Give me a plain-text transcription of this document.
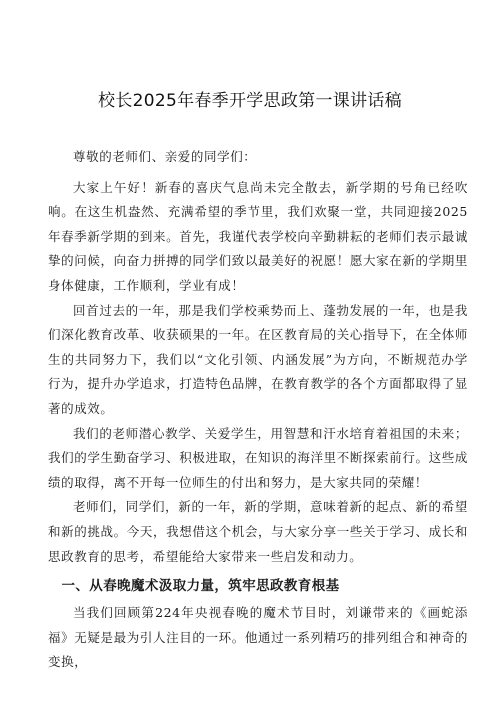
校长2025年春季开学思政第一课讲话稿

尊敬的老师们、亲爱的同学们：

大家上午好！新春的喜庆气息尚未完全散去，新学期的号角已经吹响。在这生机盎然、充满希望的季节里，我们欢聚一堂，共同迎接2025年春季新学期的到来。首先，我谨代表学校向辛勤耕耘的老师们表示最诚挚的问候，向奋力拼搏的同学们致以最美好的祝愿！愿大家在新的学期里身体健康，工作顺利，学业有成！

回首过去的一年，那是我们学校乘势而上、蓬勃发展的一年，也是我们深化教育改革、收获硕果的一年。在区教育局的关心指导下，在全体师生的共同努力下，我们以“文化引领、内涵发展”为方向，不断规范办学行为，提升办学追求，打造特色品牌，在教育教学的各个方面都取得了显著的成效。

我们的老师潜心教学、关爱学生，用智慧和汗水培育着祖国的未来；我们的学生勤奋学习、积极进取，在知识的海洋里不断探索前行。这些成绩的取得，离不开每一位师生的付出和努力，是大家共同的荣耀！

老师们，同学们，新的一年，新的学期，意味着新的起点、新的希望和新的挑战。今天，我想借这个机会，与大家分享一些关于学习、成长和思政教育的思考，希望能给大家带来一些启发和动力。

一、从春晚魔术汲取力量，筑牢思政教育根基

当我们回顾第224年央视春晚的魔术节目时，刘谦带来的《画蛇添福》无疑是最为引人注目的一环。他通过一系列精巧的排列组合和神奇的变换，
